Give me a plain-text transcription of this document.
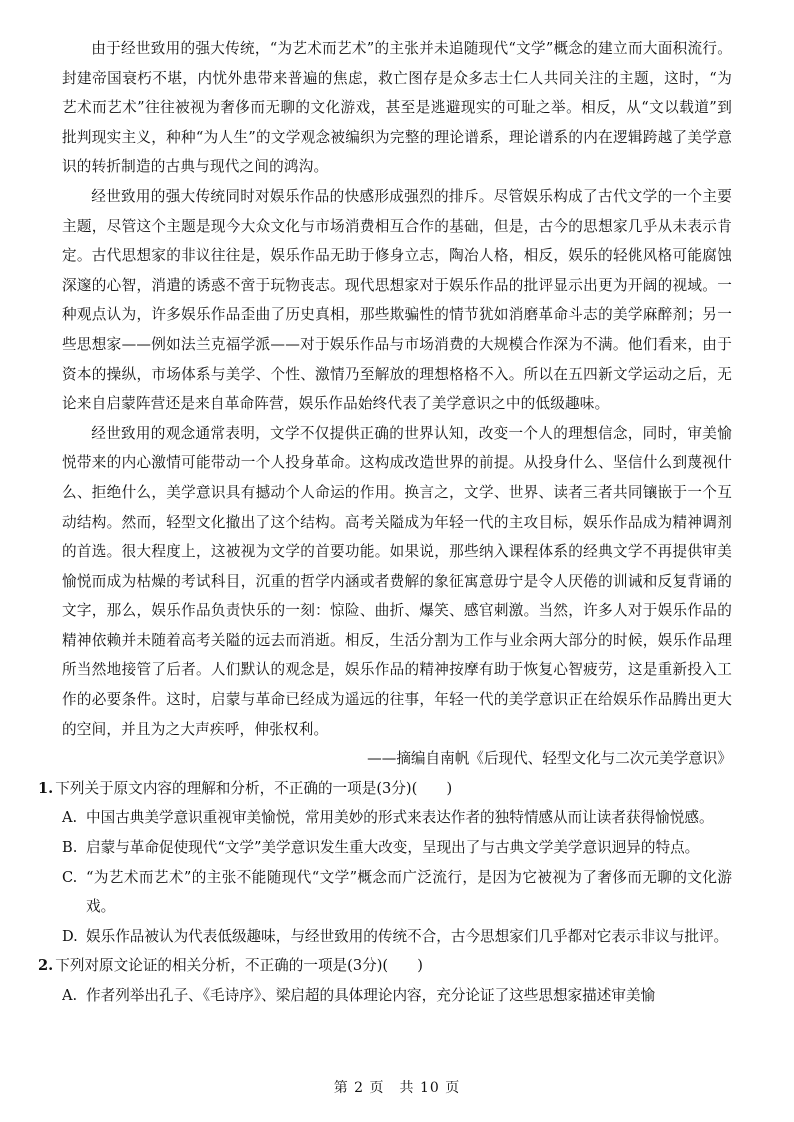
由于经世致用的强大传统，“为艺术而艺术”的主张并未追随现代“文学”概念的建立而大面积流行。封建帝国衰朽不堪，内忧外患带来普遍的焦虑，救亡图存是众多志士仁人共同关注的主题，这时，“为艺术而艺术”往往被视为奢侈而无聊的文化游戏，甚至是逃避现实的可耻之举。相反，从“文以载道”到批判现实主义，种种“为人生”的文学观念被编织为完整的理论谱系，理论谱系的内在逻辑跨越了美学意识的转折制造的古典与现代之间的鸿沟。

经世致用的强大传统同时对娱乐作品的快感形成强烈的排斥。尽管娱乐构成了古代文学的一个主要主题，尽管这个主题是现今大众文化与市场消费相互合作的基础，但是，古今的思想家几乎从未表示肯定。古代思想家的非议往往是，娱乐作品无助于修身立志，陶冶人格，相反，娱乐的轻佻风格可能腐蚀深邃的心智，消遣的诱惑不啻于玩物丧志。现代思想家对于娱乐作品的批评显示出更为开阔的视域。一种观点认为，许多娱乐作品歪曲了历史真相，那些欺骗性的情节犹如消磨革命斗志的美学麻醉剂；另一些思想家——例如法兰克福学派——对于娱乐作品与市场消费的大规模合作深为不满。他们看来，由于资本的操纵，市场体系与美学、个性、激情乃至解放的理想格格不入。所以在五四新文学运动之后，无论来自启蒙阵营还是来自革命阵营，娱乐作品始终代表了美学意识之中的低级趣味。

经世致用的观念通常表明，文学不仅提供正确的世界认知，改变一个人的理想信念，同时，审美愉悦带来的内心激情可能带动一个人投身革命。这构成改造世界的前提。从投身什么、坚信什么到蔑视什么、拒绝什么，美学意识具有撼动个人命运的作用。换言之，文学、世界、读者三者共同镶嵌于一个互动结构。然而，轻型文化撤出了这个结构。高考关隘成为年轻一代的主攻目标，娱乐作品成为精神调剂的首选。很大程度上，这被视为文学的首要功能。如果说，那些纳入课程体系的经典文学不再提供审美愉悦而成为枯燥的考试科目，沉重的哲学内涵或者费解的象征寓意毋宁是令人厌倦的训诫和反复背诵的文字，那么，娱乐作品负责快乐的一刻：惊险、曲折、爆笑、感官刺激。当然，许多人对于娱乐作品的精神依赖并未随着高考关隘的远去而消逝。相反，生活分割为工作与业余两大部分的时候，娱乐作品理所当然地接管了后者。人们默认的观念是，娱乐作品的精神按摩有助于恢复心智疲劳，这是重新投入工作的必要条件。这时，启蒙与革命已经成为遥远的往事，年轻一代的美学意识正在给娱乐作品腾出更大的空间，并且为之大声疾呼，伸张权利。

——摘编自南帆《后现代、轻型文化与二次元美学意识》

1. 下列关于原文内容的理解和分析，不正确的一项是(3分)(　　)

A. 中国古典美学意识重视审美愉悦，常用美妙的形式来表达作者的独特情感从而让读者获得愉悦感。

B. 启蒙与革命促使现代“文学”美学意识发生重大改变，呈现出了与古典文学美学意识迥异的特点。

C. “为艺术而艺术”的主张不能随现代“文学”概念而广泛流行，是因为它被视为了奢侈而无聊的文化游戏。

D. 娱乐作品被认为代表低级趣味，与经世致用的传统不合，古今思想家们几乎都对它表示非议与批评。

2. 下列对原文论证的相关分析，不正确的一项是(3分)(　　)

A. 作者列举出孔子、《毛诗序》、梁启超的具体理论内容，充分论证了这些思想家描述审美愉

第 2 页　共 10 页
